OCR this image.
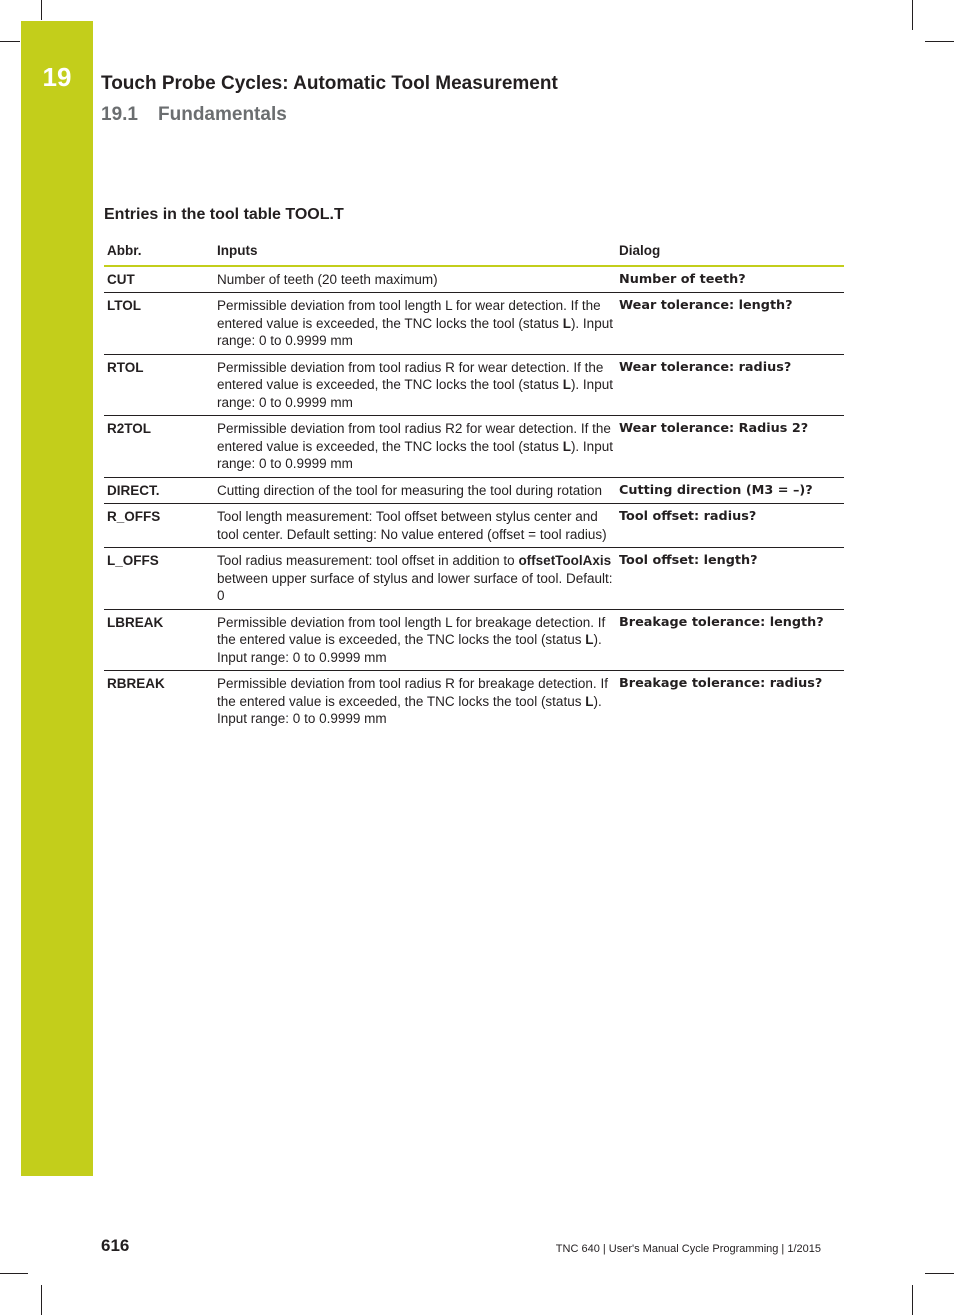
19	Touch Probe Cycles: Automatic Tool Measurement
19.1 Fundamentals
Entries in the tool table TOOL.T
Abbr.	Inputs	Dialog
CUT	Number of teeth (20 teeth maximum)	Number of teeth?
LTOL	Permissible deviation from tool length L for wear detection. If the entered value is exceeded, the TNC locks the tool (status L). Input range: 0 to 0.9999 mm	Wear tolerance: length?
RTOL	Permissible deviation from tool radius R for wear detection. If the entered value is exceeded, the TNC locks the tool (status L). Input range: 0 to 0.9999 mm	Wear tolerance: radius?
R2TOL	Permissible deviation from tool radius R2 for wear detection. If the entered value is exceeded, the TNC locks the tool (status L). Input range: 0 to 0.9999 mm	Wear tolerance: Radius 2?
DIRECT.	Cutting direction of the tool for measuring the tool during rotation	Cutting direction (M3 = –)?
R_OFFS	Tool length measurement: Tool offset between stylus center and tool center. Default setting: No value entered (offset = tool radius)	Tool offset: radius?
L_OFFS	Tool radius measurement: tool offset in addition to offsetToolAxis between upper surface of stylus and lower surface of tool. Default: 0	Tool offset: length?
LBREAK	Permissible deviation from tool length L for breakage detection. If the entered value is exceeded, the TNC locks the tool (status L). Input range: 0 to 0.9999 mm	Breakage tolerance: length?
RBREAK	Permissible deviation from tool radius R for breakage detection. If the entered value is exceeded, the TNC locks the tool (status L). Input range: 0 to 0.9999 mm	Breakage tolerance: radius?
616	TNC 640 | User's Manual Cycle Programming | 1/2015
